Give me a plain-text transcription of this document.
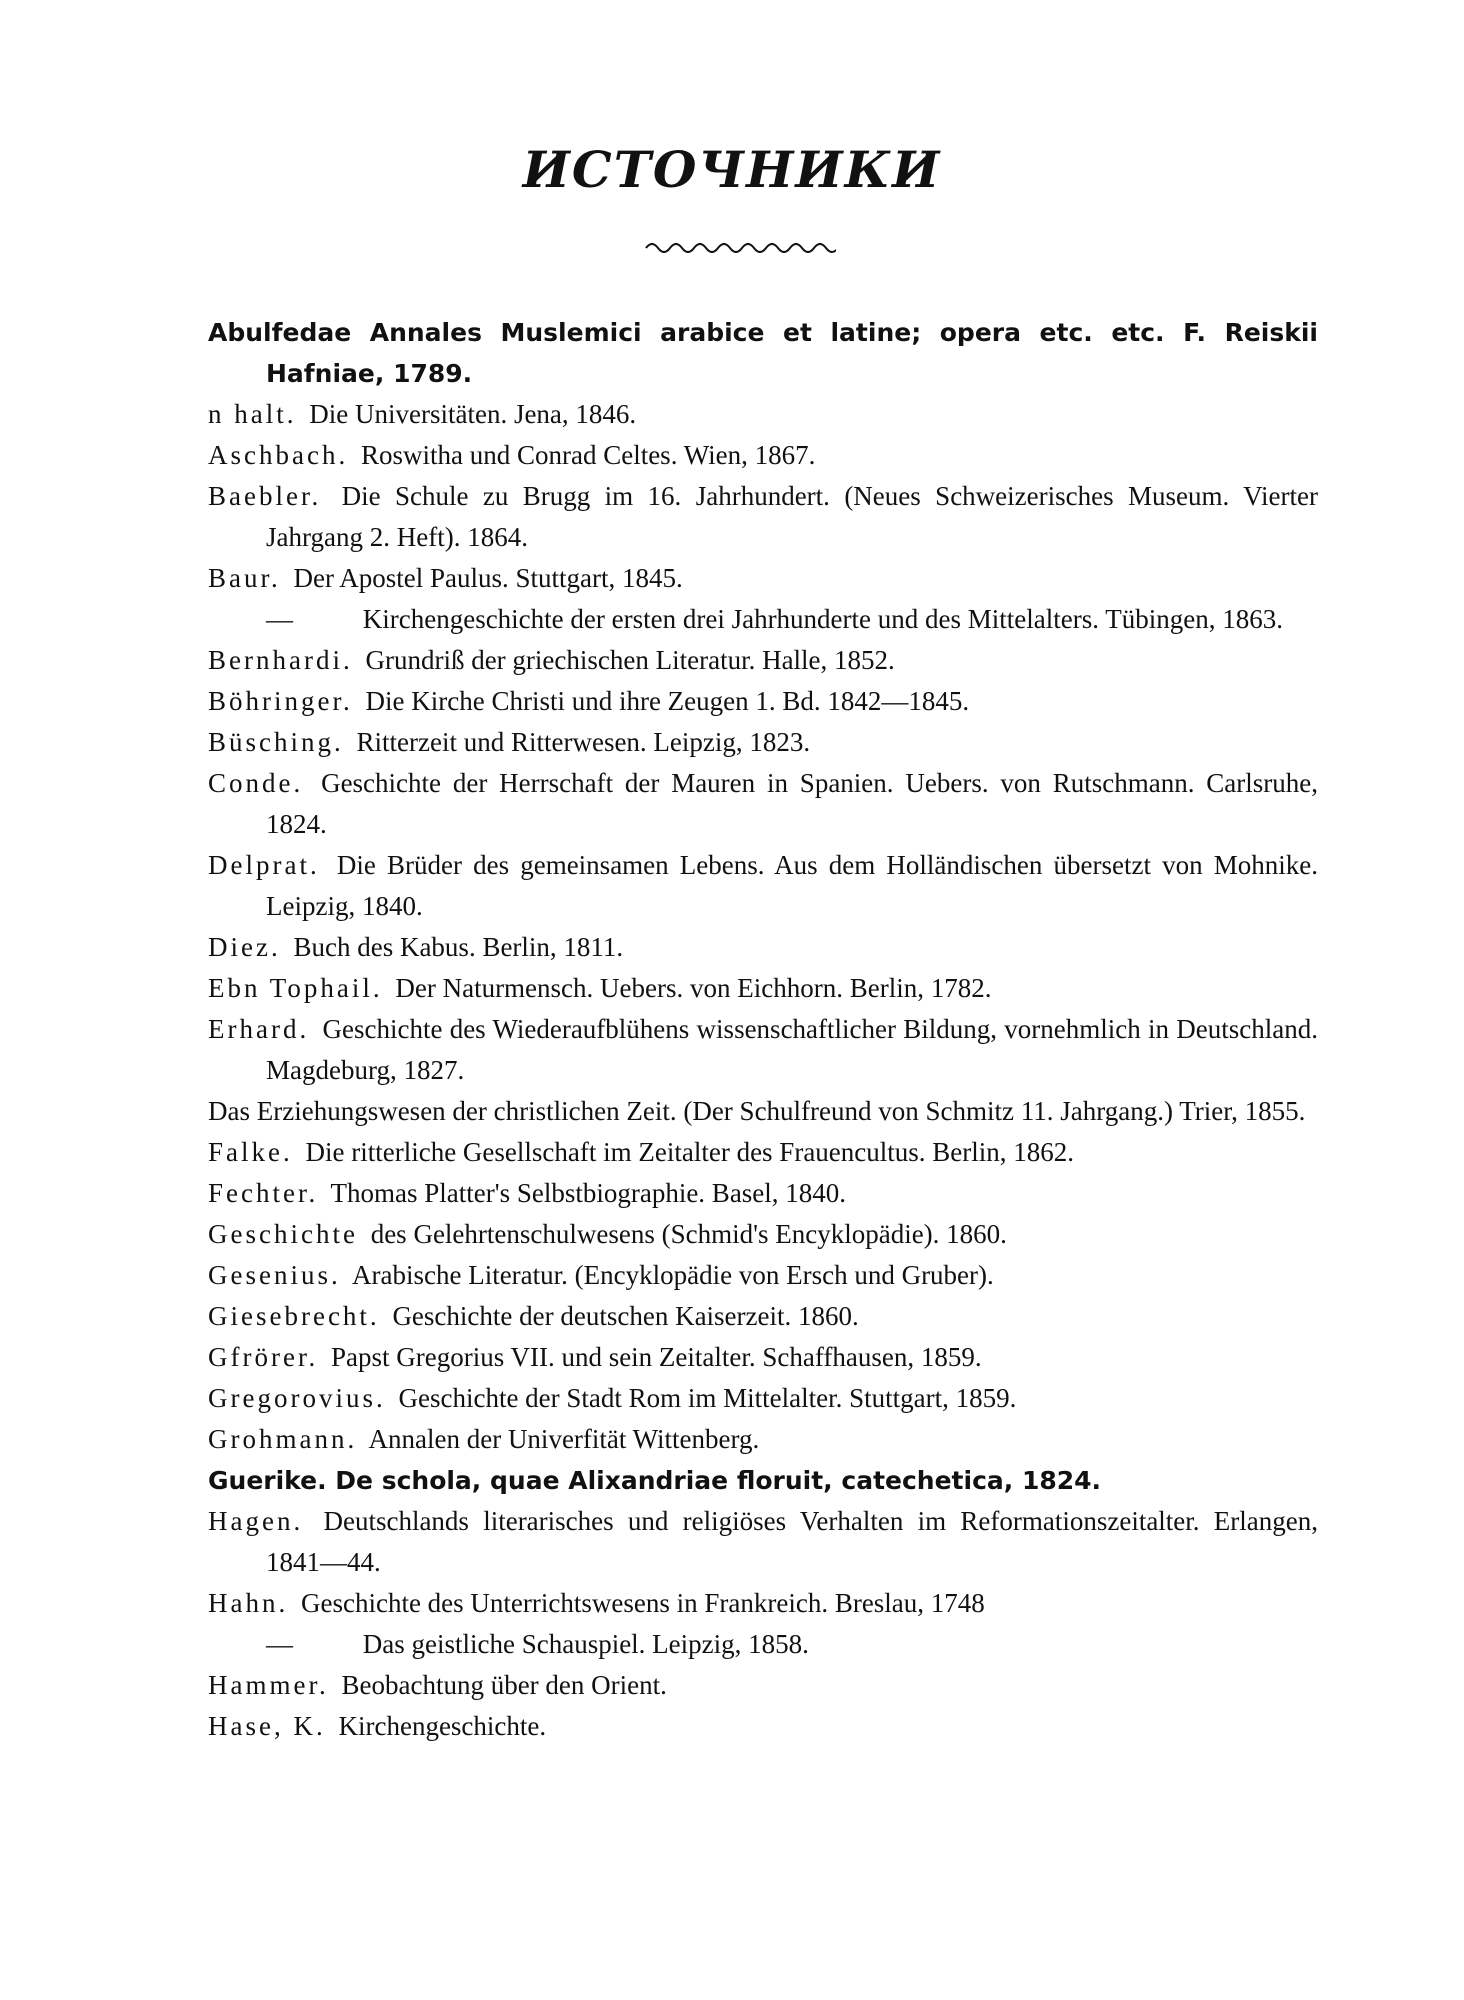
ИСТОЧНИКИ
Abulfedae Annales Muslemici arabice et latine; opera etc. etc. F. Reiskii Hafniae, 1789.
n halt. Die Universitäten. Jena, 1846.
Aschbach. Roswitha und Conrad Celtes. Wien, 1867.
Baebler. Die Schule zu Brugg im 16. Jahrhundert. (Neues Schweizerisches Museum. Vierter Jahrgang 2. Heft). 1864.
Baur. Der Apostel Paulus. Stuttgart, 1845.
— Kirchengeschichte der ersten drei Jahrhunderte und des Mittelalters. Tübingen, 1863.
Bernhardi. Grundriß der griechischen Literatur. Halle, 1852.
Böhringer. Die Kirche Christi und ihre Zeugen 1. Bd. 1842—1845.
Büsching. Ritterzeit und Ritterwesen. Leipzig, 1823.
Conde. Geschichte der Herrschaft der Mauren in Spanien. Uebers. von Rutschmann. Carlsruhe, 1824.
Delprat. Die Brüder des gemeinsamen Lebens. Aus dem Holländischen übersetzt von Mohnike. Leipzig, 1840.
Diez. Buch des Kabus. Berlin, 1811.
Ebn Tophail. Der Naturmensch. Uebers. von Eichhorn. Berlin, 1782.
Erhard. Geschichte des Wiederaufblühens wissenschaftlicher Bildung, vornehmlich in Deutschland. Magdeburg, 1827.
Das Erziehungswesen der christlichen Zeit. (Der Schulfreund von Schmitz 11. Jahrgang.) Trier, 1855.
Falke. Die ritterliche Gesellschaft im Zeitalter des Frauencultus. Berlin, 1862.
Fechter. Thomas Platter's Selbstbiographie. Basel, 1840.
Geschichte des Gelehrtenschulwesens (Schmid's Encyklopädie). 1860.
Gesenius. Arabische Literatur. (Encyklopädie von Ersch und Gruber).
Giesebrecht. Geschichte der deutschen Kaiserzeit. 1860.
Gfrörer. Papst Gregorius VII. und sein Zeitalter. Schaffhausen, 1859.
Gregorovius. Geschichte der Stadt Rom im Mittelalter. Stuttgart, 1859.
Grohmann. Annalen der Univerfität Wittenberg.
Guerike. De schola, quae Alixandriae floruit, catechetica, 1824.
Hagen. Deutschlands literarisches und religiöses Verhalten im Reformationszeitalter. Erlangen, 1841—44.
Hahn. Geschichte des Unterrichtswesens in Frankreich. Breslau, 1748
— Das geistliche Schauspiel. Leipzig, 1858.
Hammer. Beobachtung über den Orient.
Hase, K. Kirchengeschichte.
